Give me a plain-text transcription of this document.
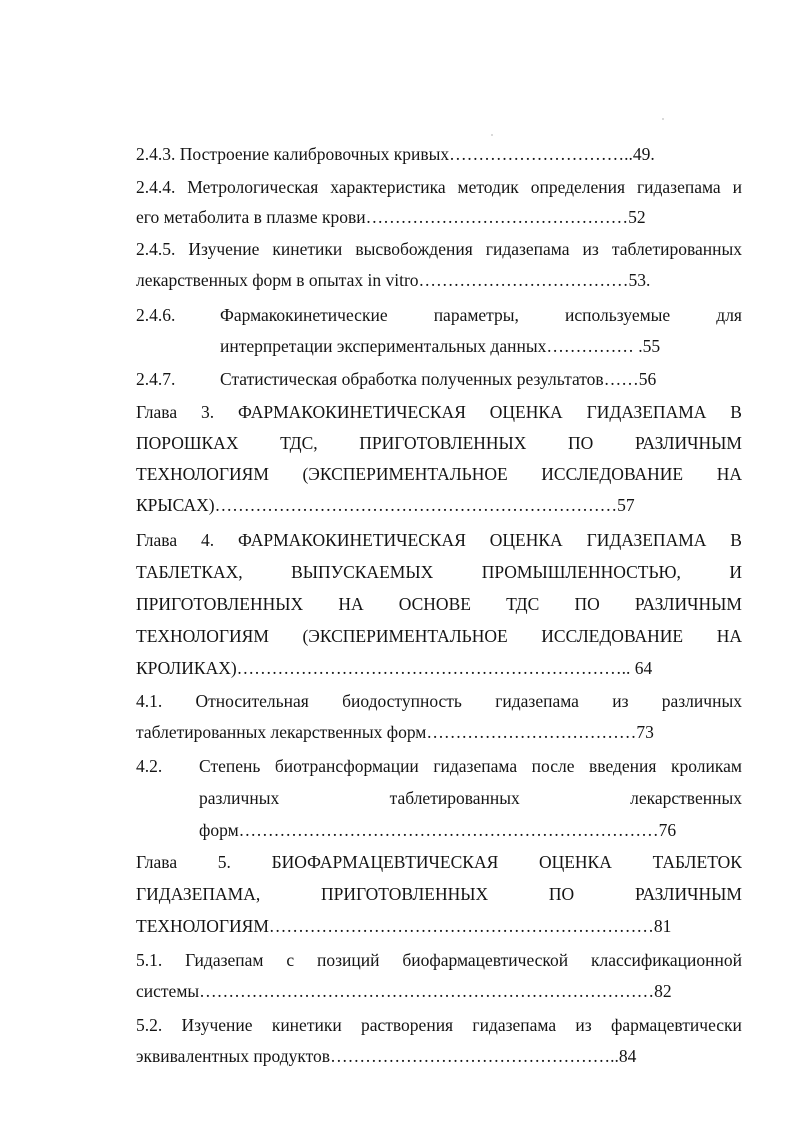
2.4.3. Построение калибровочных кривых…………………………..49.
2.4.4. Метрологическая характеристика методик определения гидазепама и
его метаболита в плазме крови………………………………………52
2.4.5. Изучение кинетики высвобождения гидазепама из таблетированных
лекарственных форм в опытах in vitro………………………………53.
2.4.6.	Фармакокинетические	параметры,	используемые	для
интерпретации экспериментальных данных…………… .55
2.4.7.	Статистическая обработка полученных результатов……56
Глава 3. ФАРМАКОКИНЕТИЧЕСКАЯ ОЦЕНКА ГИДАЗЕПАМА В
ПОРОШКАХ ТДС, ПРИГОТОВЛЕННЫХ ПО РАЗЛИЧНЫМ
ТЕХНОЛОГИЯМ (ЭКСПЕРИМЕНТАЛЬНОЕ ИССЛЕДОВАНИЕ НА
КРЫСАХ)……………………………………………………………57
Глава 4. ФАРМАКОКИНЕТИЧЕСКАЯ ОЦЕНКА ГИДАЗЕПАМА В
ТАБЛЕТКАХ,	ВЫПУСКАЕМЫХ	ПРОМЫШЛЕННОСТЬЮ,	И
ПРИГОТОВЛЕННЫХ НА ОСНОВЕ ТДС ПО РАЗЛИЧНЫМ
ТЕХНОЛОГИЯМ (ЭКСПЕРИМЕНТАЛЬНОЕ ИССЛЕДОВАНИЕ НА
КРОЛИКАХ)………………………………………………………….. 64
4.1. Относительная биодоступность гидазепама из различных
таблетированных лекарственных форм………………………………73
4.2.	Степень биотрансформации гидазепама после введения кроликам
различных	таблетированных	лекарственных
форм………………………………………………………………76
Глава 5. БИОФАРМАЦЕВТИЧЕСКАЯ ОЦЕНКА ТАБЛЕТОК
ГИДАЗЕПАМА,	ПРИГОТОВЛЕННЫХ	ПО	РАЗЛИЧНЫМ
ТЕХНОЛОГИЯМ…………………………………………………………81
5.1. Гидазепам с позиций биофармацевтической классификационной
системы……………………………………………………………………82
5.2. Изучение кинетики растворения гидазепама из фармацевтически
эквивалентных продуктов…………………………………………..84
